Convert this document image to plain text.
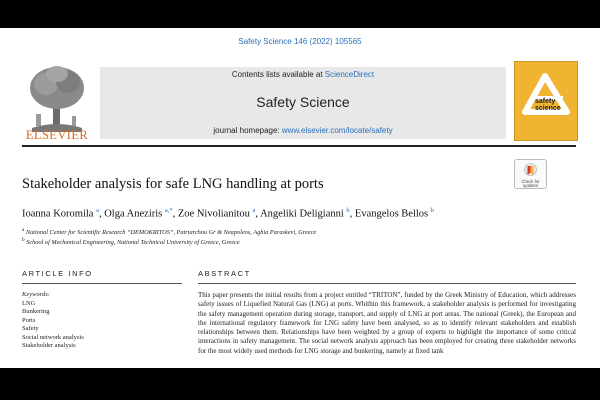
Safety Science 146 (2022) 105565
ELSEVIER
Contents lists available at ScienceDirect
Safety Science
journal homepage: www.elsevier.com/locate/safety
safety
science
Check for
updates
Stakeholder analysis for safe LNG handling at ports
Ioanna Koromila $^a$, Olga Aneziris $^{a,*}$, Zoe Nivolianitou $^a$, Angeliki Deligianni $^b$, Evangelos Bellos $^b$
$^a$ National Center for Scientific Research “DEMOKRITOS”, Patriarchou Gr & Neapoleos, Aghia Paraskevi, Greece
$^b$ School of Mechanical Engineering, National Technical University of Greece, Greece
ARTICLE INFO	ABSTRACT
Keywords:
LNG
Bunkering
Ports
Safety
Social network analysis
Stakeholder analysis
This paper presents the initial results from a project entitled “TRITON”, funded by the Greek Ministry of Education, which addresses safety issues of Liquefied Natural Gas (LNG) at ports. Whithin this framework, a stakeholder analysis is performed for investigating the safety management operation during storage, transport, and supply of LNG at port areas. The national (Greek), the European and the international regulatory framework for LNG safety have been analysed, so as to identify relevant stakeholders and establish relationships between them. Relationships have been weighted by a group of experts to highlight the importance of some critical interactions in safety management. The social network analysis approach has been employed for creating three stakeholder networks for the most widely used methods for LNG storage and bunkering, namely at fixed tank
